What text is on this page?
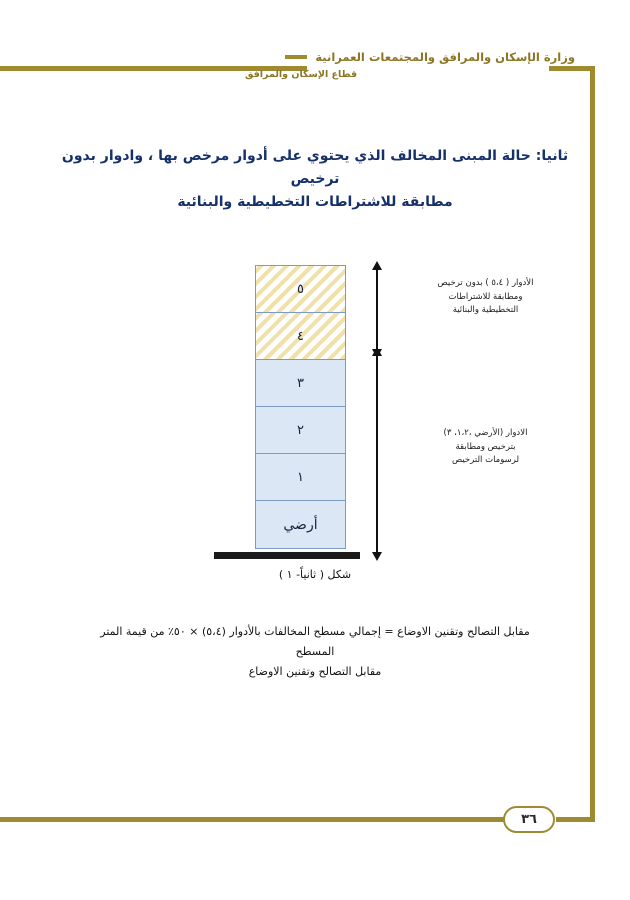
وزارة الإسكان والمرافق والمجتمعات العمرانية
قطاع الإسكان والمرافق
ثانيا: حالة المبنى المخالف الذي يحتوي على أدوار مرخص بها ، وادوار بدون ترخيص
مطابقة للاشتراطات التخطيطية والبنائية
٥
٤
٣
٢
١
أرضي
الأدوار ( ٥،٤ ) بدون ترخيص
ومطابقة للاشتراطات
التخطيطية والبنائية
الادوار (الأرضي ،١،٢، ٣)
بترخيص ومطابقة
لرسومات الترخيص
شكل ( ثانياً- ١ )
مقابل التصالح وتقنين الاوضاع = إجمالي مسطح المخالفات بالأدوار (٥،٤) × ٥٠٪ من قيمة المتر المسطح
مقابل التصالح وتقنين الاوضاع
٣٦
